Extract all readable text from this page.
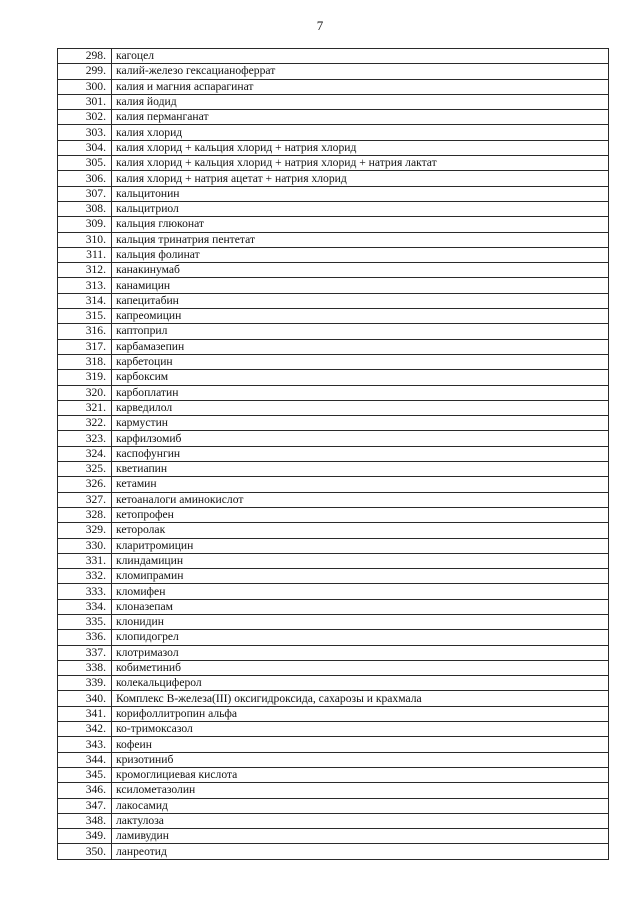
7
298.	кагоцел
299.	калий-железо гексацианоферрат
300.	калия и магния аспарагинат
301.	калия йодид
302.	калия перманганат
303.	калия хлорид
304.	калия хлорид + кальция хлорид + натрия хлорид
305.	калия хлорид + кальция хлорид + натрия хлорид + натрия лактат
306.	калия хлорид + натрия ацетат + натрия хлорид
307.	кальцитонин
308.	кальцитриол
309.	кальция глюконат
310.	кальция тринатрия пентетат
311.	кальция фолинат
312.	канакинумаб
313.	канамицин
314.	капецитабин
315.	капреомицин
316.	каптоприл
317.	карбамазепин
318.	карбетоцин
319.	карбоксим
320.	карбоплатин
321.	карведилол
322.	кармустин
323.	карфилзомиб
324.	каспофунгин
325.	кветиапин
326.	кетамин
327.	кетоаналоги аминокислот
328.	кетопрофен
329.	кеторолак
330.	кларитромицин
331.	клиндамицин
332.	кломипрамин
333.	кломифен
334.	клоназепам
335.	клонидин
336.	клопидогрел
337.	клотримазол
338.	кобиметиниб
339.	колекальциферол
340.	Комплекс В-железа(III) оксигидроксида, сахарозы и крахмала
341.	корифоллитропин альфа
342.	ко-тримоксазол
343.	кофеин
344.	кризотиниб
345.	кромоглициевая кислота
346.	ксилометазолин
347.	лакосамид
348.	лактулоза
349.	ламивудин
350.	ланреотид
